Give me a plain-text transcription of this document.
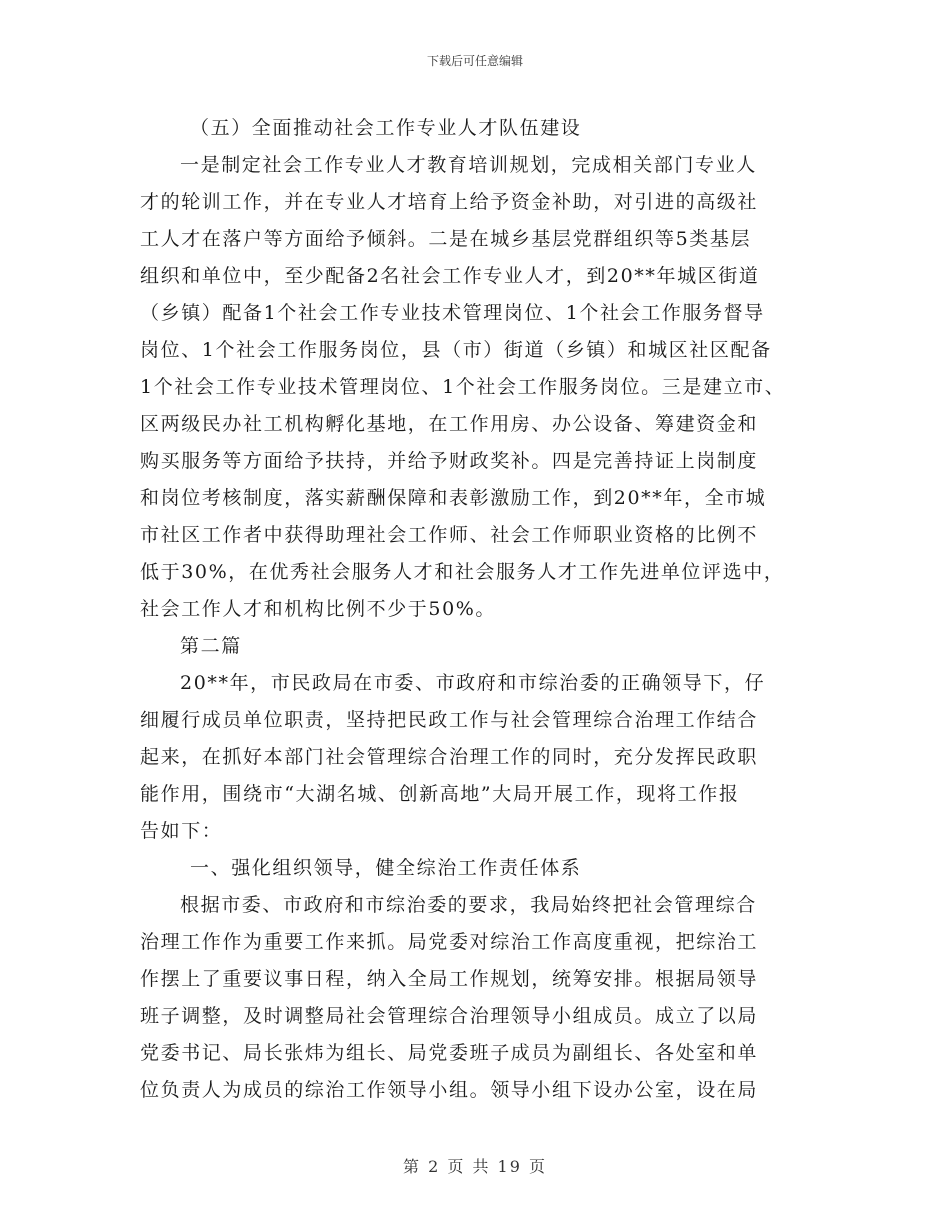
下载后可任意编辑
（五）全面推动社会工作专业人才队伍建设
一是制定社会工作专业人才教育培训规划，完成相关部门专业人
才的轮训工作，并在专业人才培育上给予资金补助，对引进的高级社
工人才在落户等方面给予倾斜。二是在城乡基层党群组织等5类基层
组织和单位中，至少配备2名社会工作专业人才，到20**年城区街道
（乡镇）配备1个社会工作专业技术管理岗位、1个社会工作服务督导
岗位、1个社会工作服务岗位，县（市）街道（乡镇）和城区社区配备
1个社会工作专业技术管理岗位、1个社会工作服务岗位。三是建立市、
区两级民办社工机构孵化基地，在工作用房、办公设备、筹建资金和
购买服务等方面给予扶持，并给予财政奖补。四是完善持证上岗制度
和岗位考核制度，落实薪酬保障和表彰激励工作，到20**年，全市城
市社区工作者中获得助理社会工作师、社会工作师职业资格的比例不
低于30%，在优秀社会服务人才和社会服务人才工作先进单位评选中，
社会工作人才和机构比例不少于50%。
第二篇
20**年，市民政局在市委、市政府和市综治委的正确领导下，仔
细履行成员单位职责，坚持把民政工作与社会管理综合治理工作结合
起来，在抓好本部门社会管理综合治理工作的同时，充分发挥民政职
能作用，围绕市“大湖名城、创新高地”大局开展工作，现将工作报
告如下：
一、强化组织领导，健全综治工作责任体系
根据市委、市政府和市综治委的要求，我局始终把社会管理综合
治理工作作为重要工作来抓。局党委对综治工作高度重视，把综治工
作摆上了重要议事日程，纳入全局工作规划，统筹安排。根据局领导
班子调整，及时调整局社会管理综合治理领导小组成员。成立了以局
党委书记、局长张炜为组长、局党委班子成员为副组长、各处室和单
位负责人为成员的综治工作领导小组。领导小组下设办公室，设在局
第 2 页 共 19 页
